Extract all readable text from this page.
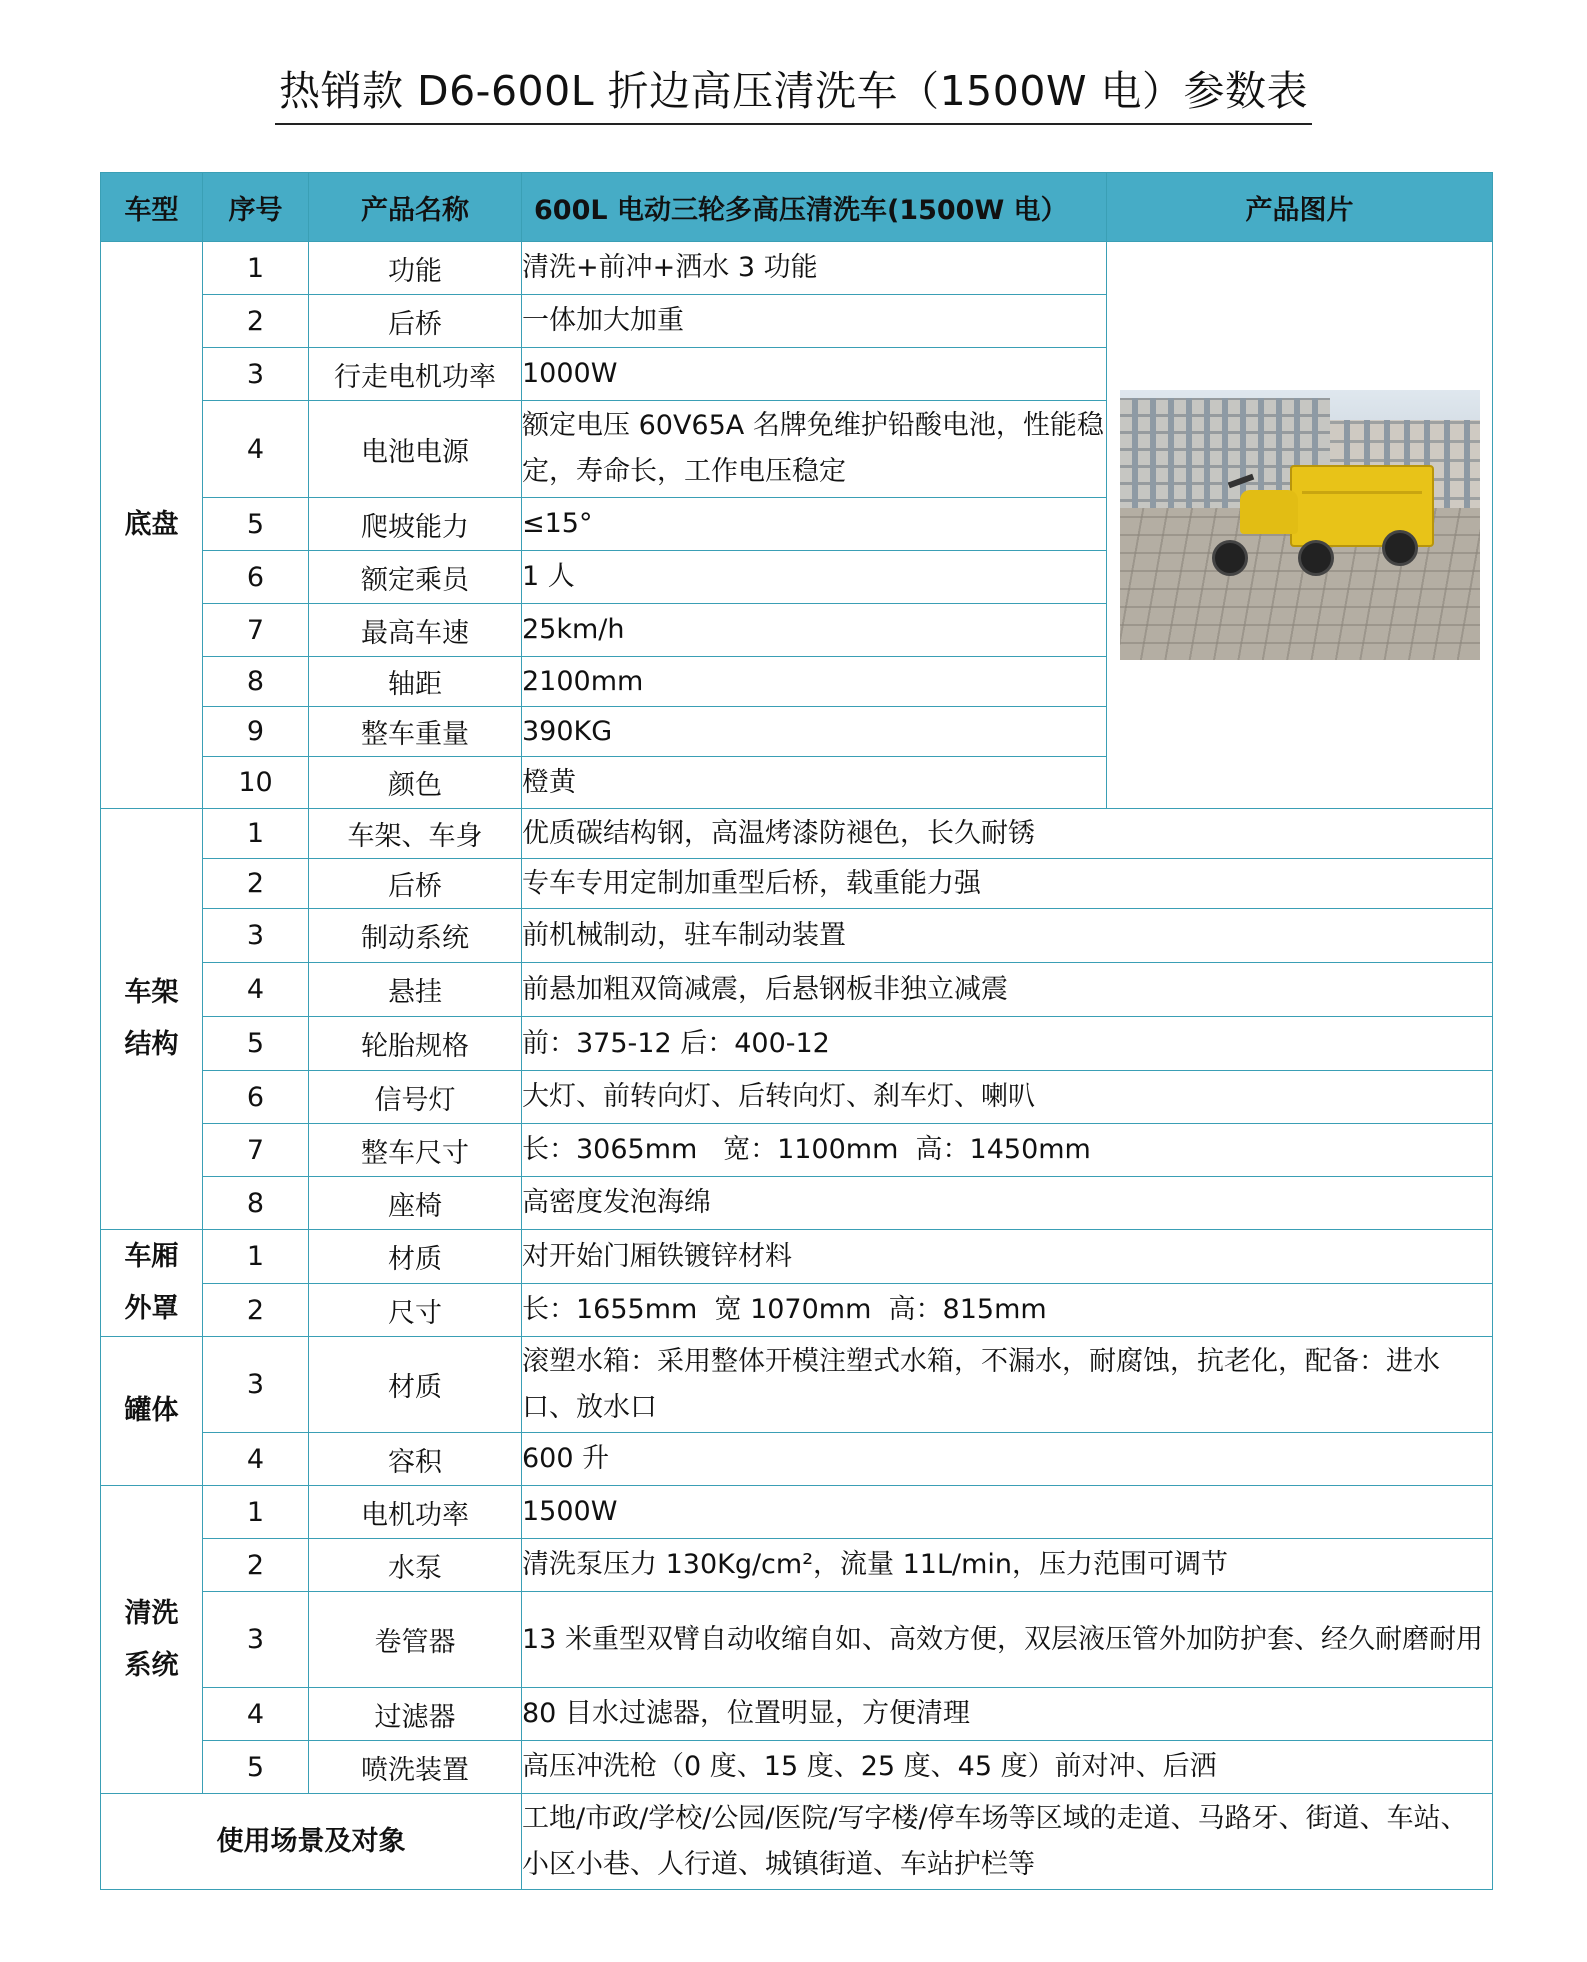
热销款 D6-600L 折边高压清洗车（1500W 电）参数表
车型	序号	产品名称	600L 电动三轮多高压清洗车(1500W 电）	产品图片
底盘	1	功能	清洗+前冲+洒水 3 功能	

	2	后桥	一体加大加重	
	3	行走电机功率	1000W	
	4	电池电源	额定电压 60V65A 名牌免维护铅酸电池，性能稳定，寿命长，工作电压稳定	
	5	爬坡能力	≤15°	
	6	额定乘员	1 人	
	7	最高车速	25km/h	
	8	轴距	2100mm	
	9	整车重量	390KG	
	10	颜色	橙黄	

车架结构	1	车架、车身	优质碳结构钢，高温烤漆防褪色，长久耐锈	
	2	后桥	专车专用定制加重型后桥，载重能力强	
	3	制动系统	前机械制动，驻车制动装置	
	4	悬挂	前悬加粗双筒减震，后悬钢板非独立减震	
	5	轮胎规格	前：375-12 后：400-12	
	6	信号灯	大灯、前转向灯、后转向灯、刹车灯、喇叭	
	7	整车尺寸	长：3065mm   宽：1100mm  高：1450mm	
	8	座椅	高密度发泡海绵	

车厢外罩	1	材质	对开始门厢铁镀锌材料	
	2	尺寸	长：1655mm  宽 1070mm  高：815mm	
罐体	3	材质	滚塑水箱：采用整体开模注塑式水箱，不漏水，耐腐蚀，抗老化，配备：进水口、放水口	
	4	容积	600 升	

清洗系统	1	电机功率	1500W	
	2	水泵	清洗泵压力 130Kg/cm²，流量 11L/min，压力范围可调节	
	3	卷管器	13 米重型双臂自动收缩自如、高效方便，双层液压管外加防护套、经久耐磨耐用	
	4	过滤器	80 目水过滤器，位置明显，方便清理	
	5	喷洗装置	高压冲洗枪（0 度、15 度、25 度、45 度）前对冲、后洒	
使用场景及对象			工地/市政/学校/公园/医院/写字楼/停车场等区域的走道、马路牙、街道、车站、小区小巷、人行道、城镇街道、车站护栏等	
